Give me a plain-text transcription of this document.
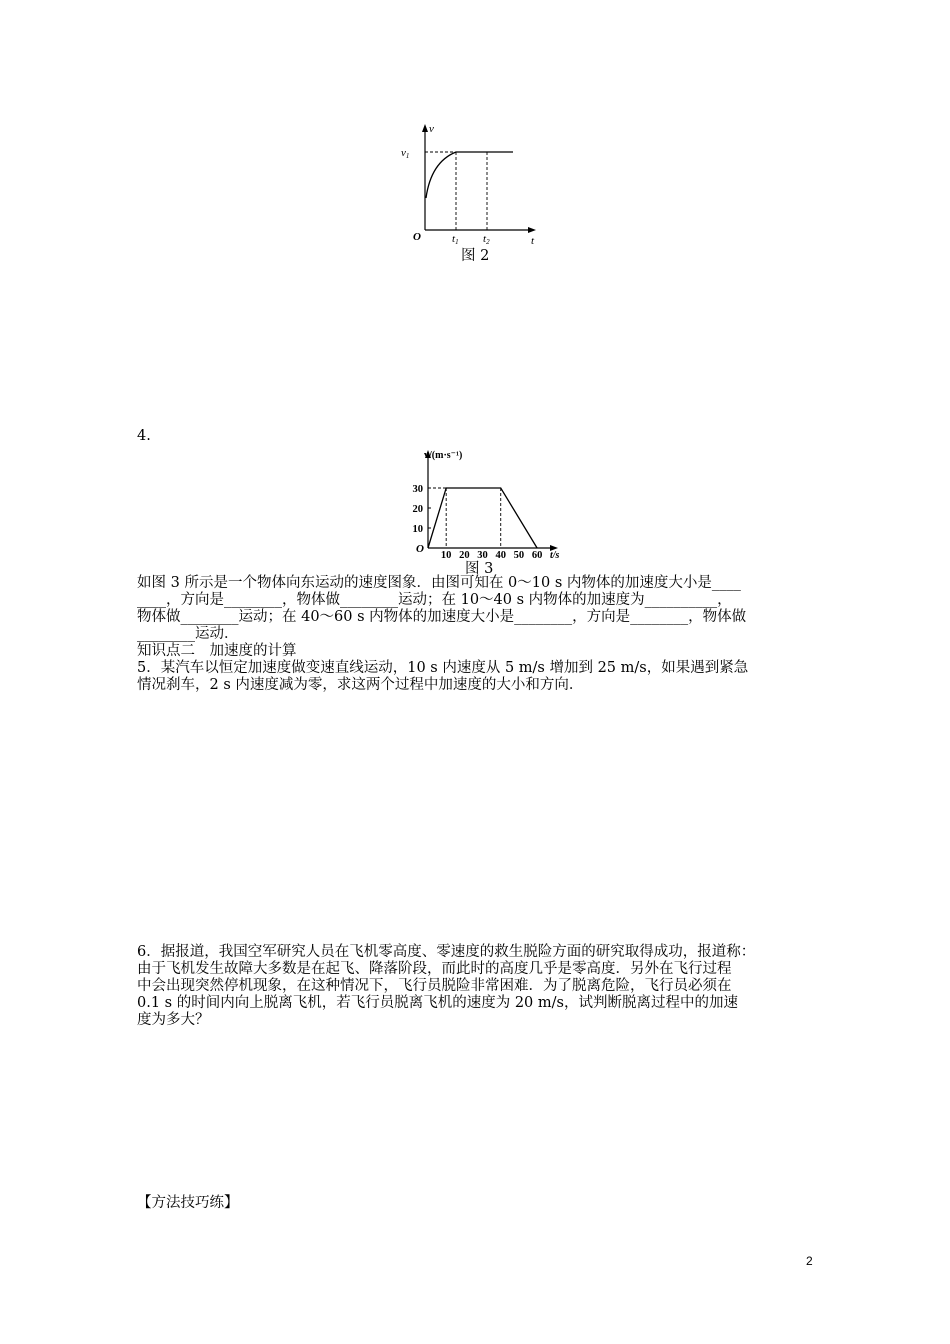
v
v1
O	t1 t2	t
图 2
4.
v/(m·s⁻¹)
t/s
O
10
20
30
10 20 30 40 50 60
图 3
如图 3 所示是一个物体向东运动的速度图象．由图可知在 0～10 s 内物体的加速度大小是____
____，方向是________，物体做________运动；在 10～40 s 内物体的加速度为__________，
物体做________运动；在 40～60 s 内物体的加速度大小是________，方向是________，物体做
________运动．
知识点二　加速度的计算
5．某汽车以恒定加速度做变速直线运动，10 s 内速度从 5 m/s 增加到 25 m/s，如果遇到紧急
情况刹车，2 s 内速度减为零，求这两个过程中加速度的大小和方向．
6．据报道，我国空军研究人员在飞机零高度、零速度的救生脱险方面的研究取得成功，报道称：
由于飞机发生故障大多数是在起飞、降落阶段，而此时的高度几乎是零高度．另外在飞行过程
中会出现突然停机现象，在这种情况下，飞行员脱险非常困难．为了脱离危险，飞行员必须在
0.1 s 的时间内向上脱离飞机，若飞行员脱离飞机的速度为 20 m/s，试判断脱离过程中的加速
度为多大？
【方法技巧练】
2
